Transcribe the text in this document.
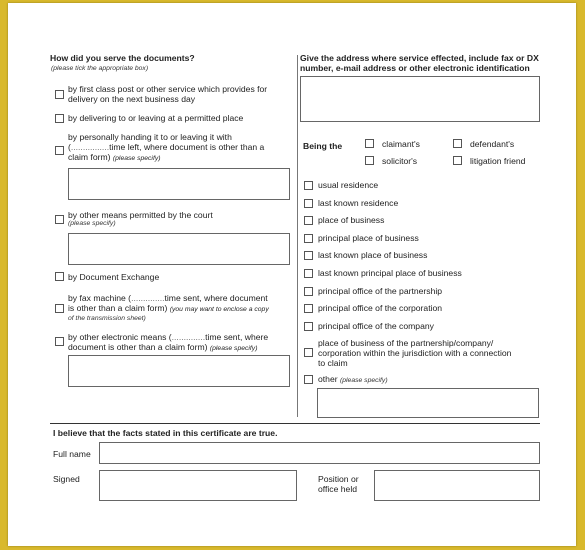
How did you serve the documents?
(please tick the appropriate box)
by first class post or other service which provides for
delivery on the next business day
by delivering to or leaving at a permitted place
by personally handing it to or leaving it with
(................time left, where document is other than a
claim form) (please specify)
by other means permitted by the court
(please specify)
by Document Exchange
by fax machine (..............time sent, where document
is other than a claim form) (you may want to enclose a copy
of the transmission sheet)
by other electronic means (..............time sent, where
document is other than a claim form) (please specify)
Give the address where service effected, include fax or DX
number, e-mail address or other electronic identification
Being the	claimant's	defendant's
solicitor's	litigation friend
usual residence
last known residence
place of business
principal place of business
last known place of business
last known principal place of business
principal office of the partnership
principal office of the corporation
principal office of the company
place of business of the partnership/company/
corporation within the jurisdiction with a connection
to claim
other (please specify)
I believe that the facts stated in this certificate are true.
Full name
Signed	Position or
office held
